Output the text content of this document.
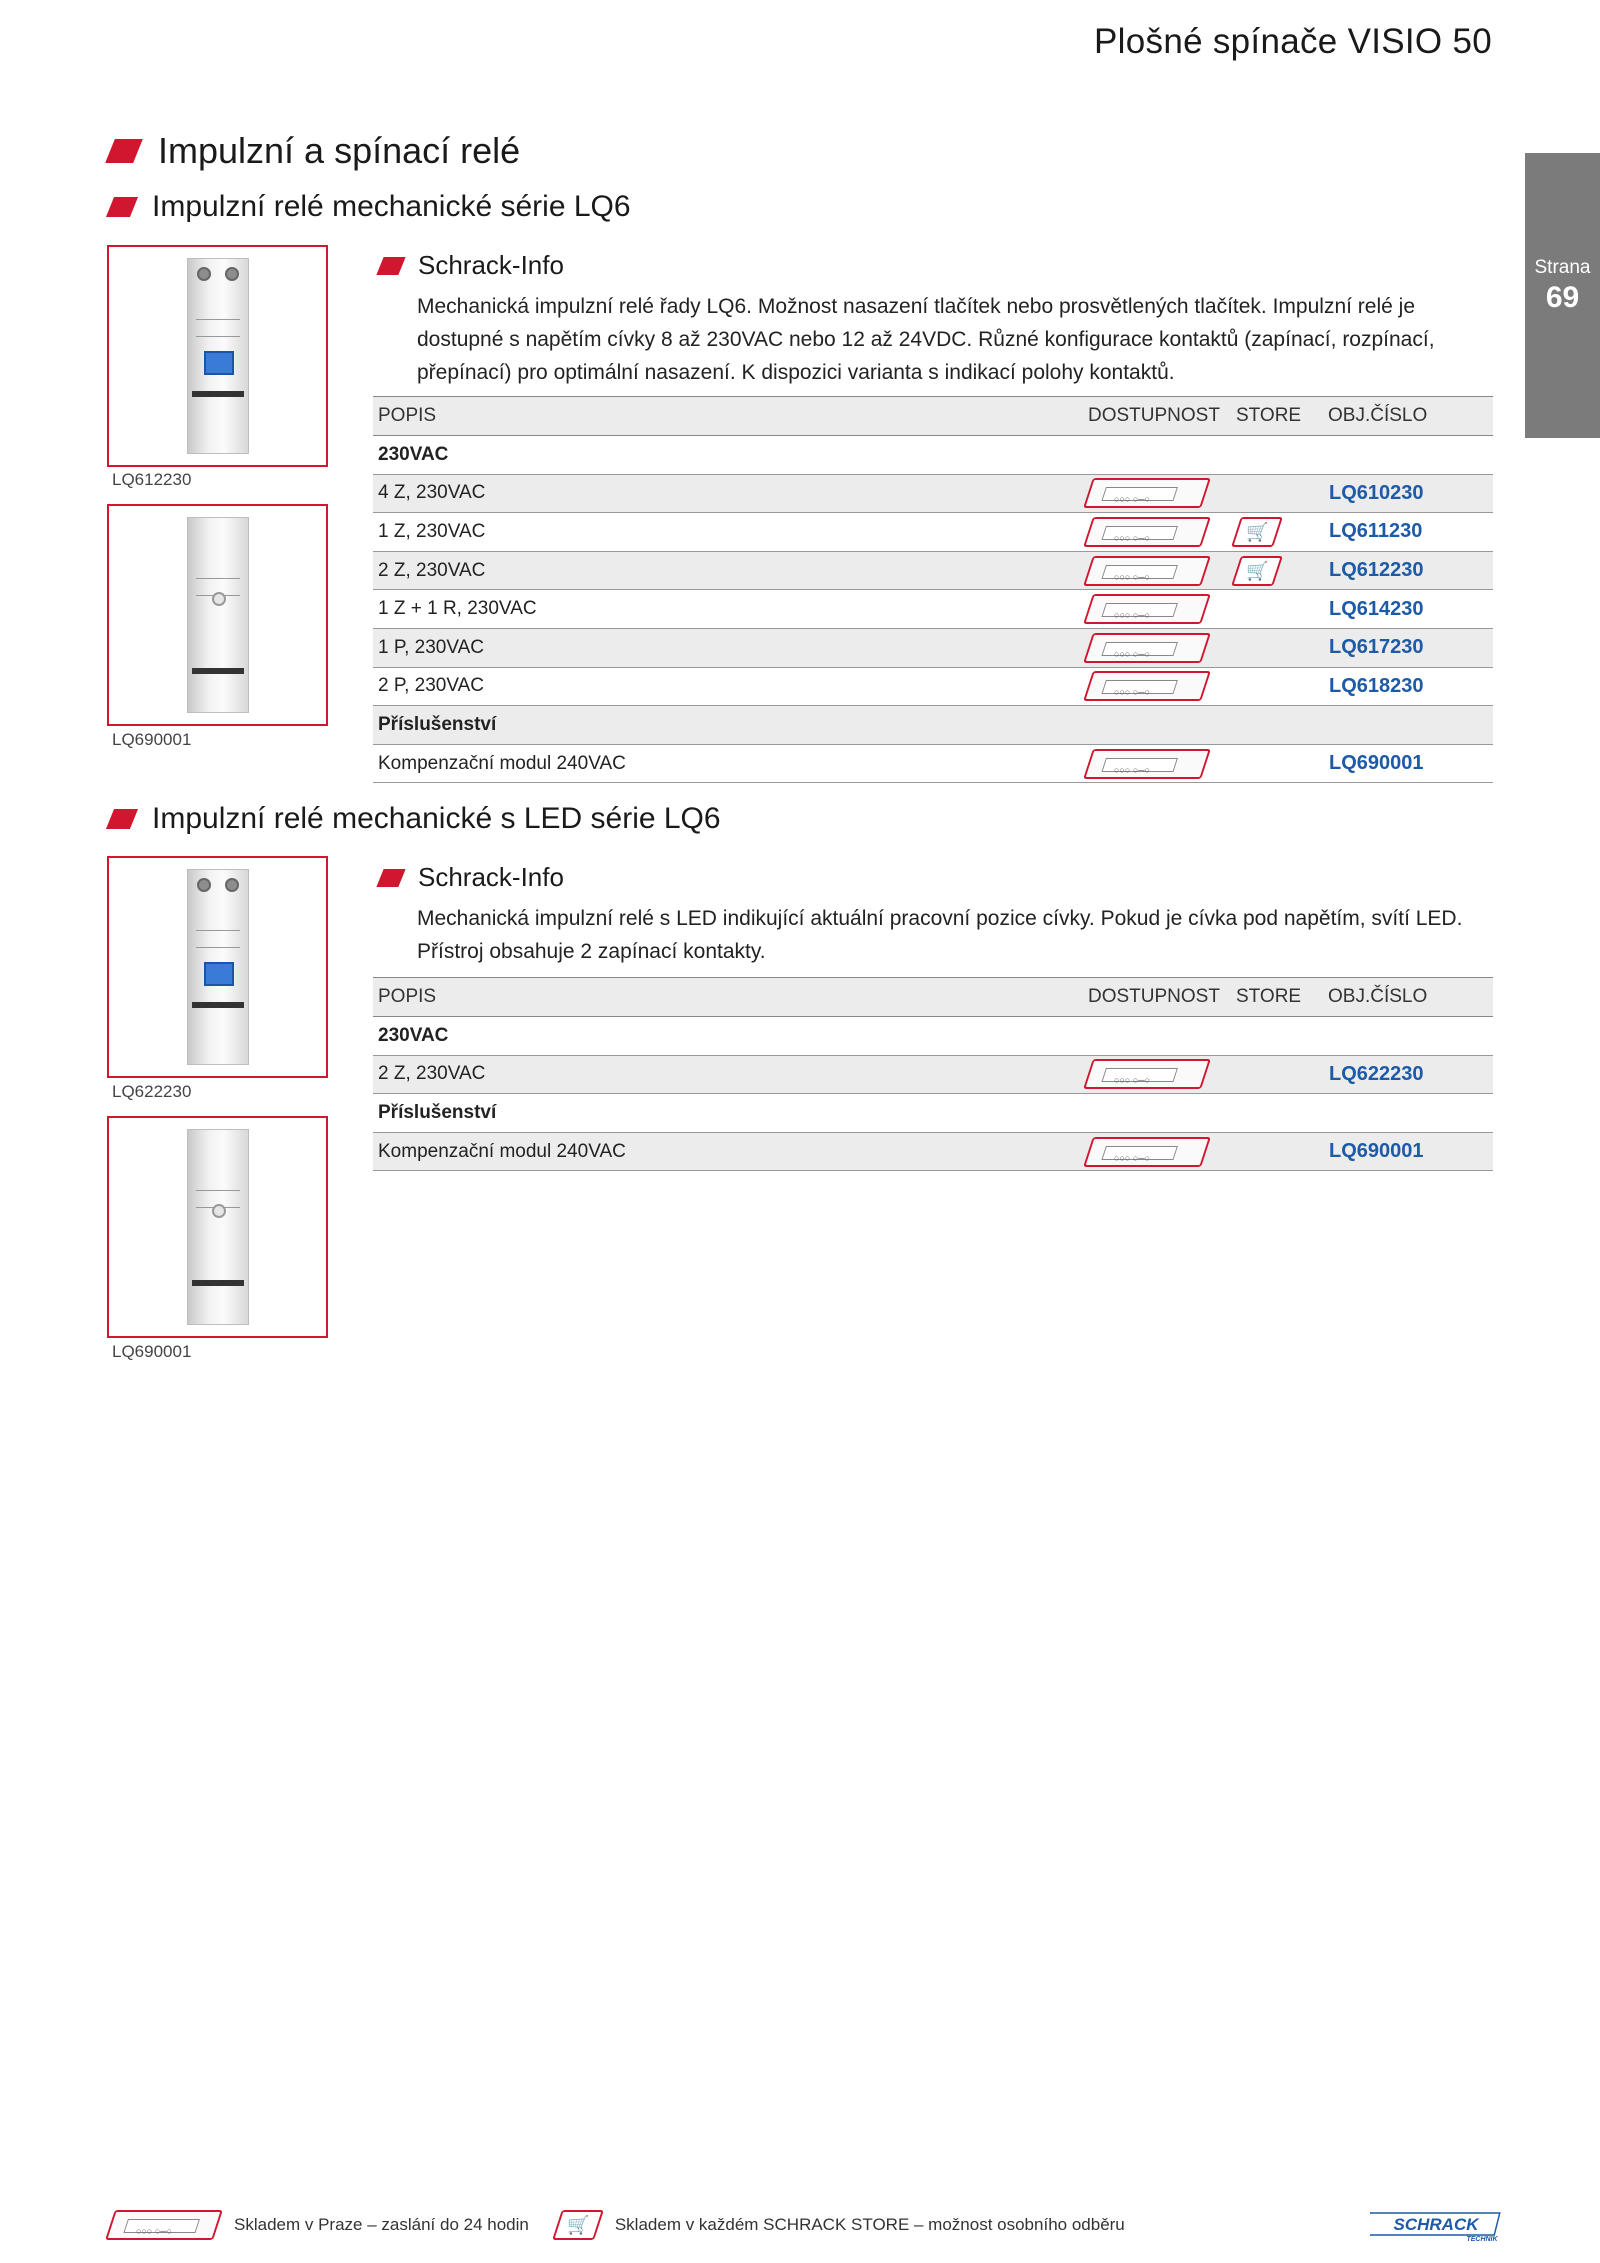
Plošné spínače VISIO 50
Strana
69
Impulzní a spínací relé
Impulzní relé mechanické série LQ6
LQ612230
LQ690001
Schrack-Info
Mechanická impulzní relé řady LQ6. Možnost nasazení tlačítek nebo prosvětlených tlačítek. Impulzní relé je
dostupné s napětím cívky 8 až 230VAC nebo 12 až 24VDC. Různé konfigurace kontaktů (zapínací, rozpínací,
přepínací) pro optimální nasazení. K dispozici varianta s indikací polohy kontaktů.
POPIS	DOSTUPNOST	STORE	OBJ.ČÍSLO
230VAC			
4 Z, 230VAC	○○○ ○─○		LQ610230
1 Z, 230VAC	○○○ ○─○	🛒	LQ611230
2 Z, 230VAC	○○○ ○─○	🛒	LQ612230
1 Z + 1 R, 230VAC	○○○ ○─○		LQ614230
1 P, 230VAC	○○○ ○─○		LQ617230
2 P, 230VAC	○○○ ○─○		LQ618230
Příslušenství			
Kompenzační modul 240VAC	○○○ ○─○		LQ690001
Impulzní relé mechanické s LED série LQ6
LQ622230
LQ690001
Schrack-Info
Mechanická impulzní relé s LED indikující aktuální pracovní pozice cívky. Pokud je cívka pod napětím, svítí LED.
Přístroj obsahuje 2 zapínací kontakty.
POPIS	DOSTUPNOST	STORE	OBJ.ČÍSLO
230VAC			
2 Z, 230VAC	○○○ ○─○		LQ622230
Příslušenství			
Kompenzační modul 240VAC	○○○ ○─○		LQ690001
○○○ ○─○
Skladem v Praze – zaslání do 24 hodin	🛒	Skladem v každém SCHRACK STORE – možnost osobního odběru	SCHRACK
TECHNIK
